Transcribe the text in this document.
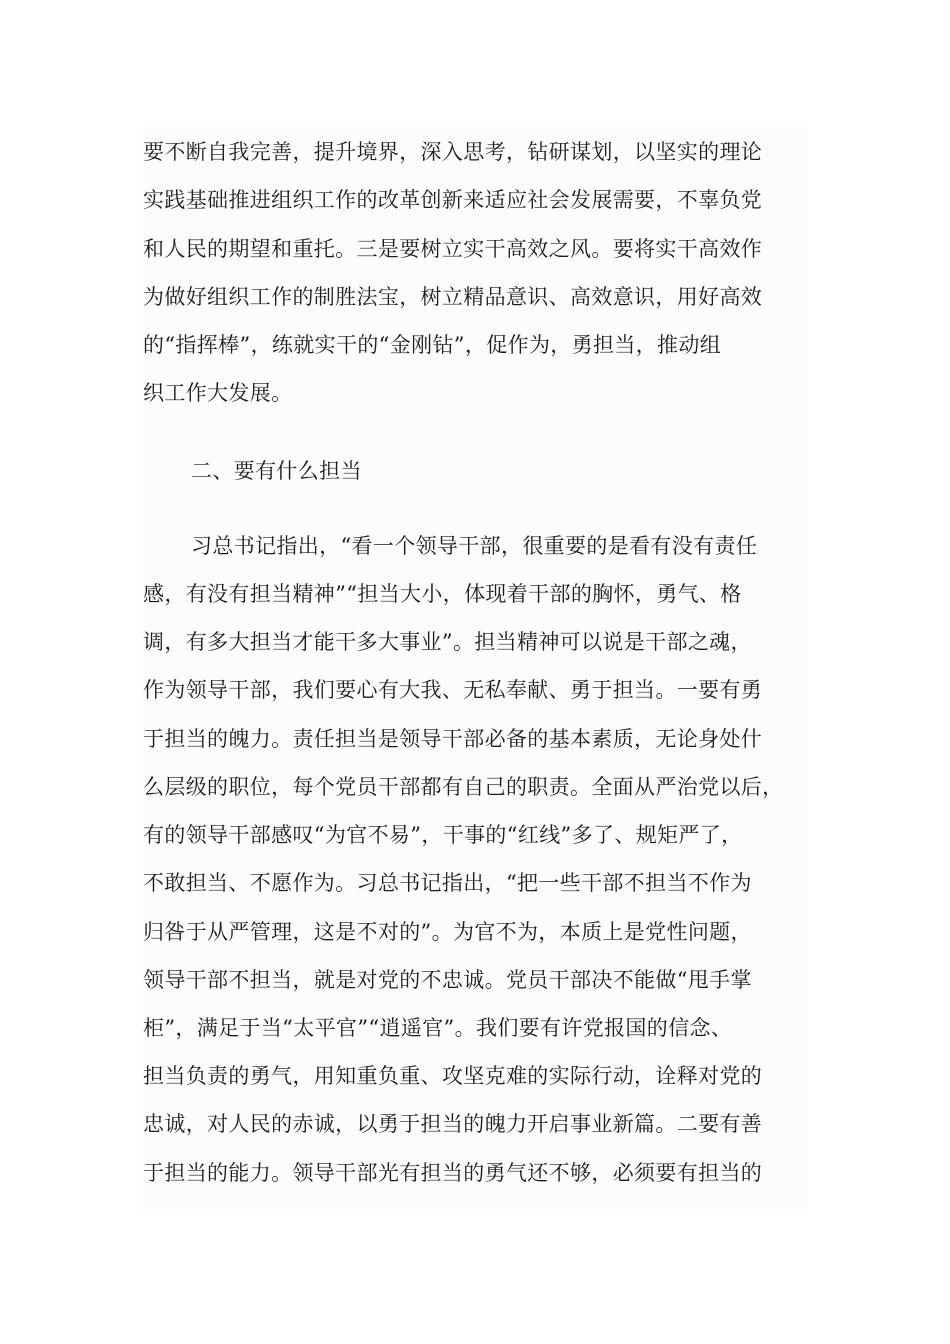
要不断自我完善，提升境界，深入思考，钻研谋划，以坚实的理论
实践基础推进组织工作的改革创新来适应社会发展需要，不辜负党
和人民的期望和重托。三是要树立实干高效之风。要将实干高效作
为做好组织工作的制胜法宝，树立精品意识、高效意识，用好高效
的“指挥棒”，练就实干的“金刚钻”，促作为，勇担当，推动组
织工作大发展。
二、要有什么担当
习总书记指出，“看一个领导干部，很重要的是看有没有责任
感，有没有担当精神”“担当大小，体现着干部的胸怀，勇气、格
调，有多大担当才能干多大事业”。担当精神可以说是干部之魂，
作为领导干部，我们要心有大我、无私奉献、勇于担当。一要有勇
于担当的魄力。责任担当是领导干部必备的基本素质，无论身处什
么层级的职位，每个党员干部都有自己的职责。全面从严治党以后，
有的领导干部感叹“为官不易”，干事的“红线”多了、规矩严了，
不敢担当、不愿作为。习总书记指出，“把一些干部不担当不作为
归咎于从严管理，这是不对的”。为官不为，本质上是党性问题，
领导干部不担当，就是对党的不忠诚。党员干部决不能做“甩手掌
柜”，满足于当“太平官”“逍遥官”。我们要有许党报国的信念、
担当负责的勇气，用知重负重、攻坚克难的实际行动，诠释对党的
忠诚，对人民的赤诚，以勇于担当的魄力开启事业新篇。二要有善
于担当的能力。领导干部光有担当的勇气还不够，必须要有担当的
